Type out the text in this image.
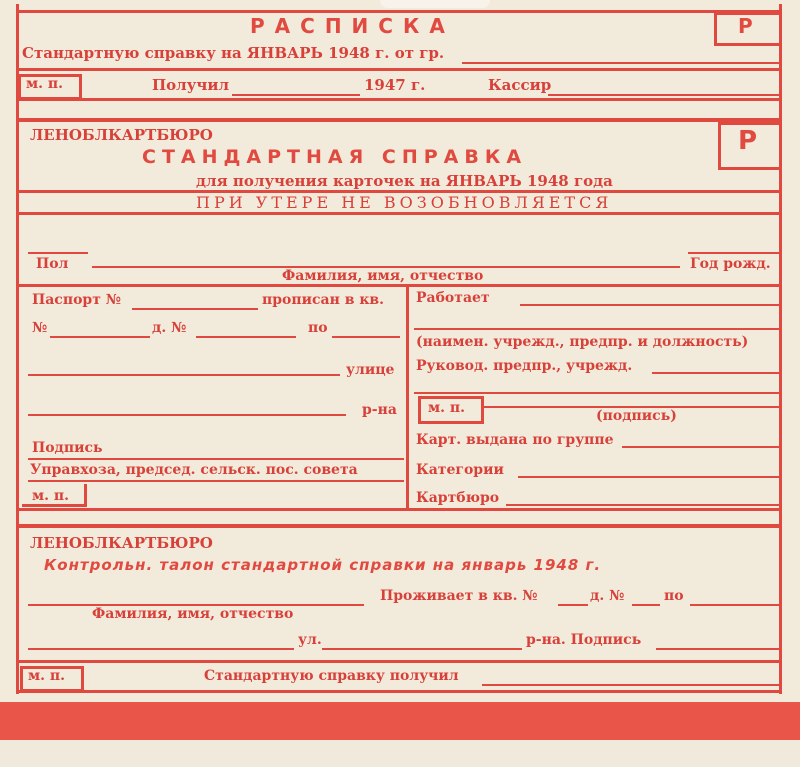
РАСПИСКА	Р
Стандартную справку на ЯНВАРЬ 1948 г. от гр.
м. п.	Получил	1947 г.	Кассир
ЛЕНОБЛКАРТБЮРО	Р
СТАНДАРТНАЯ СПРАВКА
для получения карточек на ЯНВАРЬ 1948 года
ПРИ УТЕРЕ НЕ ВОЗОБНОВЛЯЕТСЯ
Пол	Год рожд.
Фамилия, имя, отчество
Паспорт №	прописан в кв.
№	д. №	по
улице
р-на
Подпись
Управхоза, председ. сельск. пос. совета
м. п.
Работает
(наимен. учрежд., предпр. и должность)
Руковод. предпр., учрежд.
м. п.	(подпись)
Карт. выдана по группе
Категории
Картбюро
ЛЕНОБЛКАРТБЮРО
Контрольн. талон стандартной справки на январь 1948 г.
Проживает в кв. №	д. №	по
Фамилия, имя, отчество
ул.	р-на. Подпись
м. п.	Стандартную справку получил
